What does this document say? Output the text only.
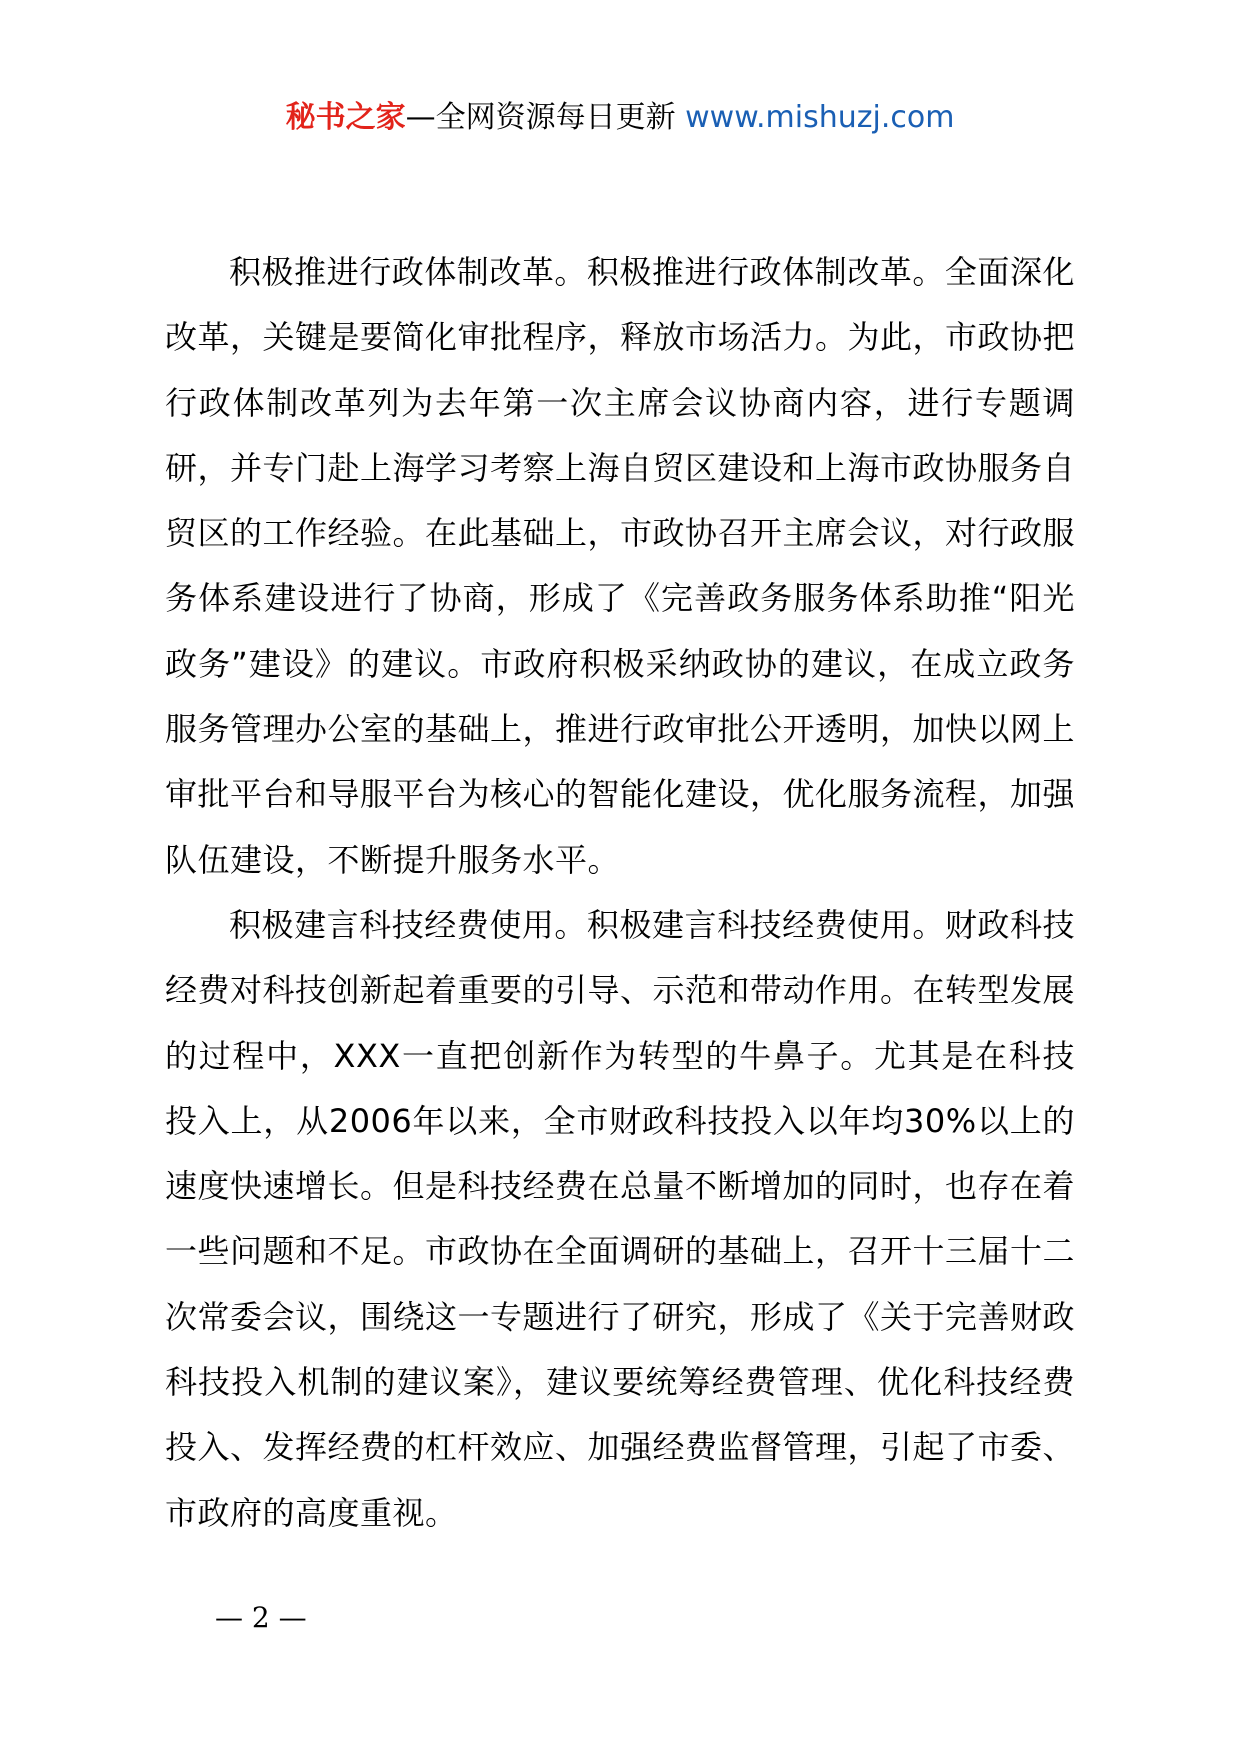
秘书之家—全网资源每日更新 www.mishuzj.com

积极推进行政体制改革。积极推进行政体制改革。全面深化改革，关键是要简化审批程序，释放市场活力。为此，市政协把行政体制改革列为去年第一次主席会议协商内容，进行专题调研，并专门赴上海学习考察上海自贸区建设和上海市政协服务自贸区的工作经验。在此基础上，市政协召开主席会议，对行政服务体系建设进行了协商，形成了《完善政务服务体系助推“阳光政务”建设》的建议。市政府积极采纳政协的建议，在成立政务服务管理办公室的基础上，推进行政审批公开透明，加快以网上审批平台和导服平台为核心的智能化建设，优化服务流程，加强队伍建设，不断提升服务水平。

积极建言科技经费使用。积极建言科技经费使用。财政科技经费对科技创新起着重要的引导、示范和带动作用。在转型发展的过程中，XXX一直把创新作为转型的牛鼻子。尤其是在科技投入上，从2006年以来，全市财政科技投入以年均30%以上的速度快速增长。但是科技经费在总量不断增加的同时，也存在着一些问题和不足。市政协在全面调研的基础上，召开十三届十二次常委会议，围绕这一专题进行了研究，形成了《关于完善财政科技投入机制的建议案》，建议要统筹经费管理、优化科技经费投入、发挥经费的杠杆效应、加强经费监督管理，引起了市委、市政府的高度重视。

— 2 —
